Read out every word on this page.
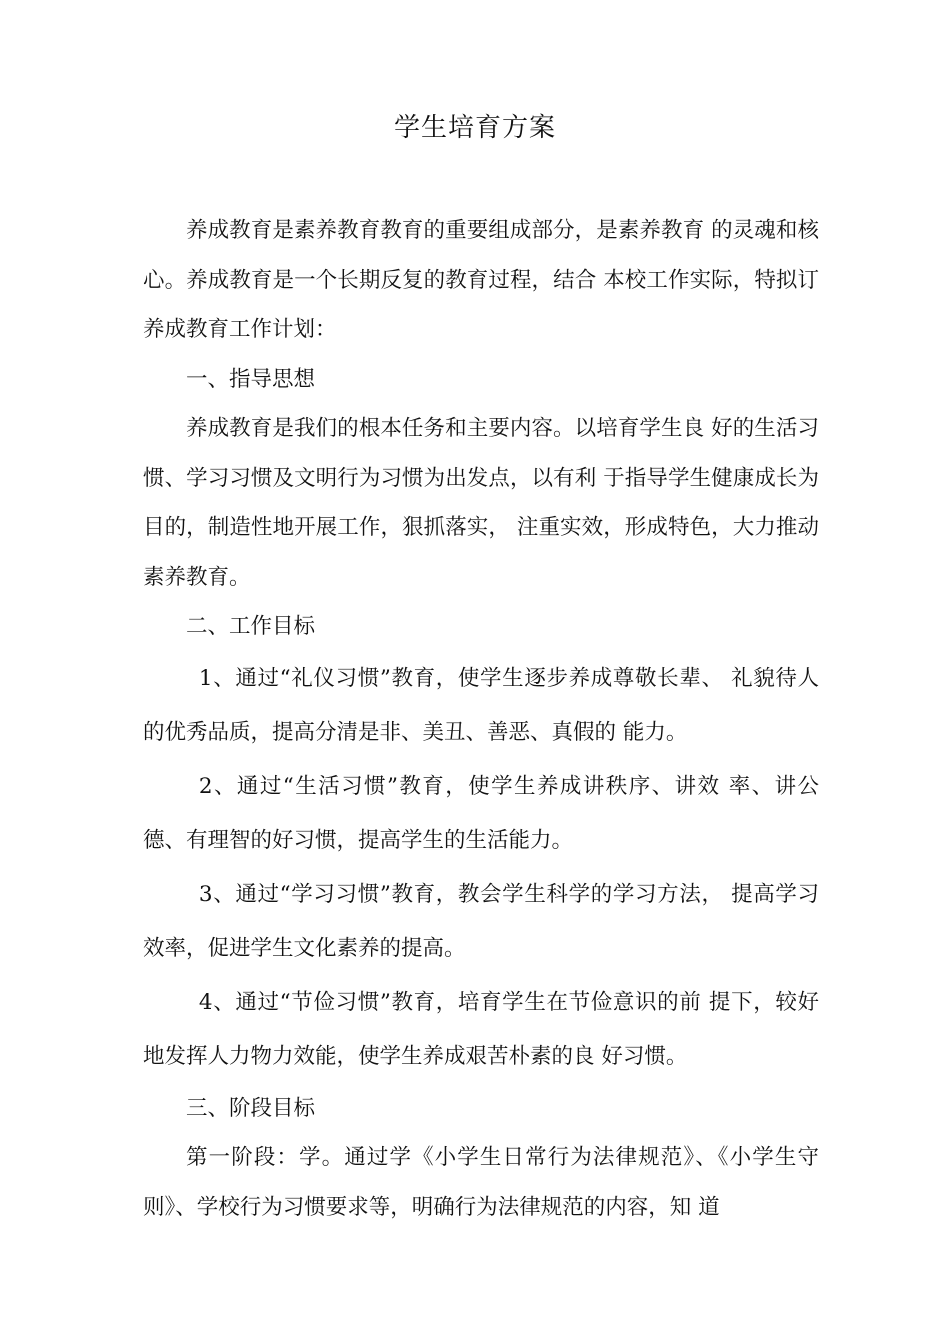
学生培育方案

养成教育是素养教育教育的重要组成部分，是素养教育 的灵魂和核心。养成教育是一个长期反复的教育过程，结合 本校工作实际，特拟订养成教育工作计划：

一、指导思想

养成教育是我们的根本任务和主要内容。以培育学生良 好的生活习惯、学习习惯及文明行为习惯为出发点，以有利 于指导学生健康成长为目的，制造性地开展工作，狠抓落实， 注重实效，形成特色，大力推动素养教育。

二、工作目标

1、通过“礼仪习惯”教育，使学生逐步养成尊敬长辈、 礼貌待人的优秀品质，提高分清是非、美丑、善恶、真假的 能力。

2、通过“生活习惯”教育，使学生养成讲秩序、讲效 率、讲公德、有理智的好习惯，提高学生的生活能力。

3、通过“学习习惯”教育，教会学生科学的学习方法， 提高学习效率，促进学生文化素养的提高。

4、通过“节俭习惯”教育，培育学生在节俭意识的前 提下，较好地发挥人力物力效能，使学生养成艰苦朴素的良 好习惯。

三、阶段目标

第一阶段：学。通过学《小学生日常行为法律规范》、《小学生守则》、学校行为习惯要求等，明确行为法律规范的内容，知 道
